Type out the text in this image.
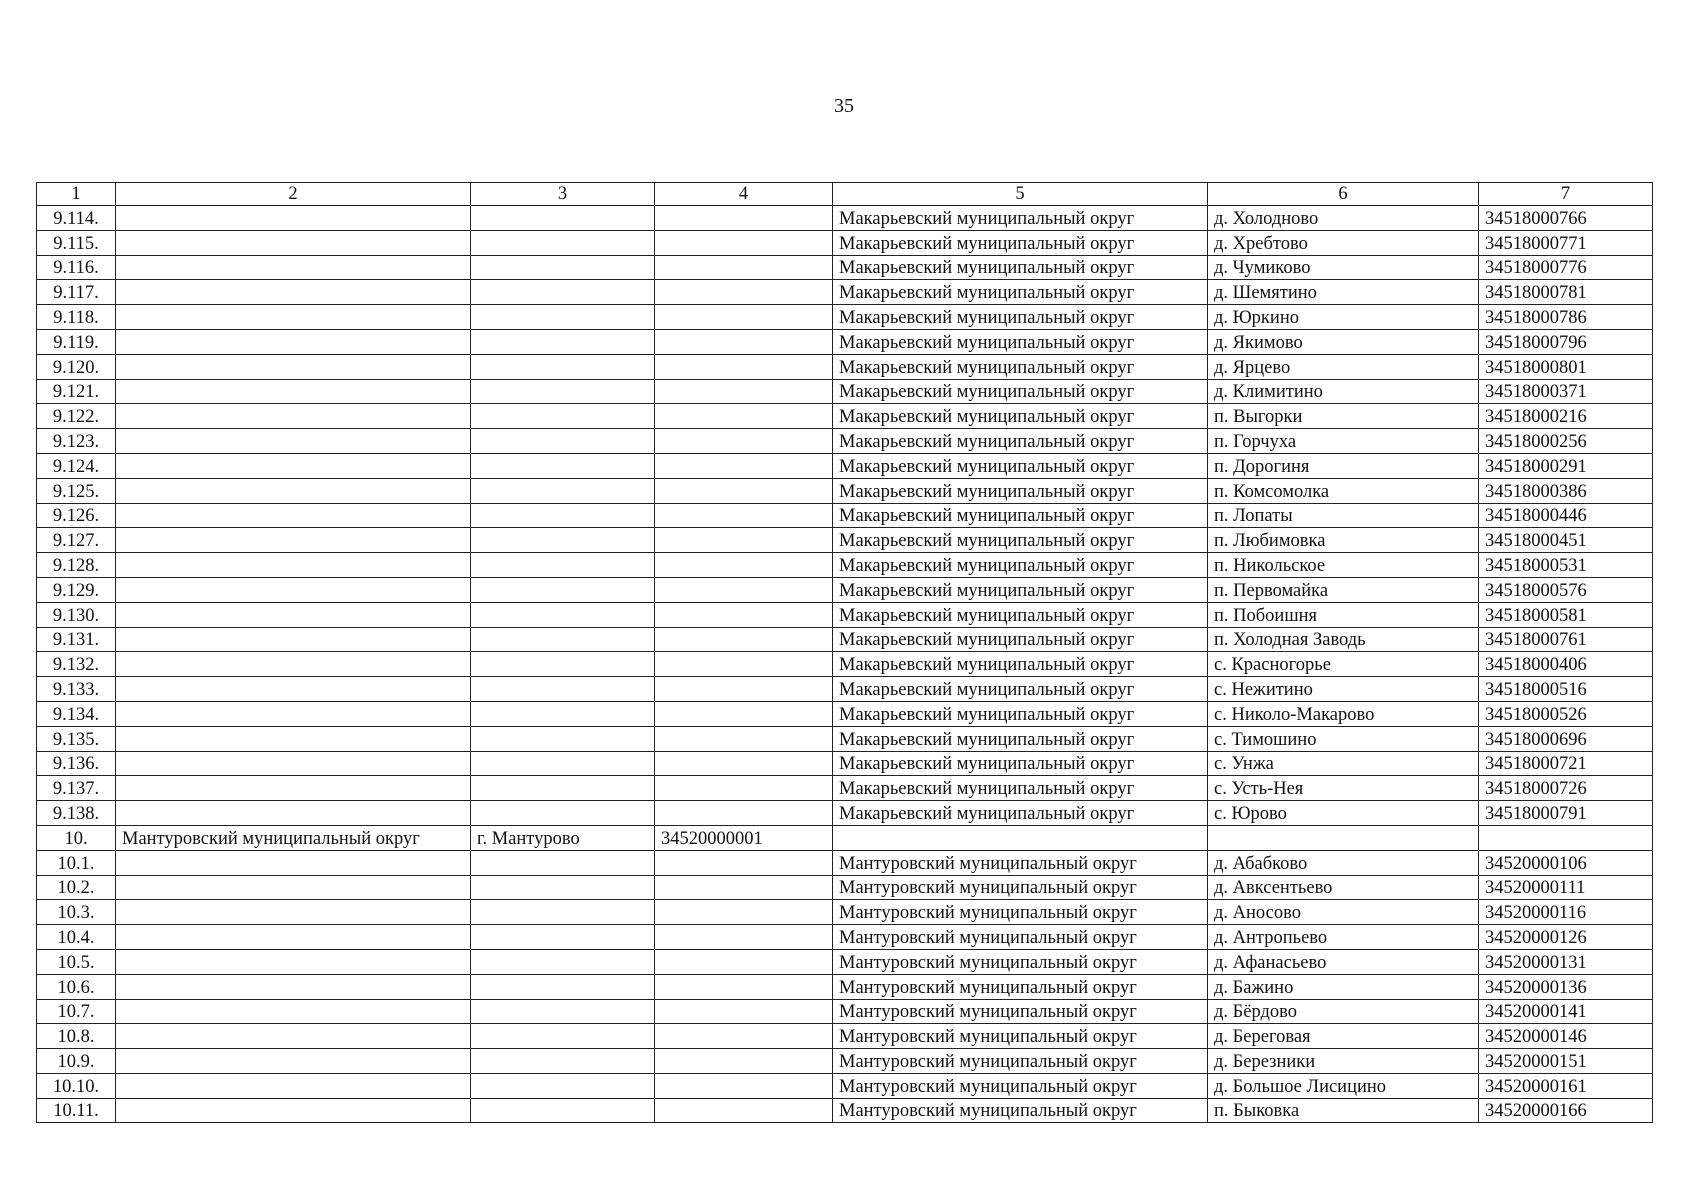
35
1	2	3	4	5	6	7
9.114.				Макарьевский муниципальный округ	д. Холодново	34518000766
9.115.				Макарьевский муниципальный округ	д. Хребтово	34518000771
9.116.				Макарьевский муниципальный округ	д. Чумиково	34518000776
9.117.				Макарьевский муниципальный округ	д. Шемятино	34518000781
9.118.				Макарьевский муниципальный округ	д. Юркино	34518000786
9.119.				Макарьевский муниципальный округ	д. Якимово	34518000796
9.120.				Макарьевский муниципальный округ	д. Ярцево	34518000801
9.121.				Макарьевский муниципальный округ	д. Климитино	34518000371
9.122.				Макарьевский муниципальный округ	п. Выгорки	34518000216
9.123.				Макарьевский муниципальный округ	п. Горчуха	34518000256
9.124.				Макарьевский муниципальный округ	п. Дорогиня	34518000291
9.125.				Макарьевский муниципальный округ	п. Комсомолка	34518000386
9.126.				Макарьевский муниципальный округ	п. Лопаты	34518000446
9.127.				Макарьевский муниципальный округ	п. Любимовка	34518000451
9.128.				Макарьевский муниципальный округ	п. Никольское	34518000531
9.129.				Макарьевский муниципальный округ	п. Первомайка	34518000576
9.130.				Макарьевский муниципальный округ	п. Побоишня	34518000581
9.131.				Макарьевский муниципальный округ	п. Холодная Заводь	34518000761
9.132.				Макарьевский муниципальный округ	с. Красногорье	34518000406
9.133.				Макарьевский муниципальный округ	с. Нежитино	34518000516
9.134.				Макарьевский муниципальный округ	с. Николо-Макарово	34518000526
9.135.				Макарьевский муниципальный округ	с. Тимошино	34518000696
9.136.				Макарьевский муниципальный округ	с. Унжа	34518000721
9.137.				Макарьевский муниципальный округ	с. Усть-Нея	34518000726
9.138.				Макарьевский муниципальный округ	с. Юрово	34518000791
10.	Мантуровский муниципальный округ	г. Мантурово	34520000001			
10.1.				Мантуровский муниципальный округ	д. Абабково	34520000106
10.2.				Мантуровский муниципальный округ	д. Авксентьево	34520000111
10.3.				Мантуровский муниципальный округ	д. Аносово	34520000116
10.4.				Мантуровский муниципальный округ	д. Антропьево	34520000126
10.5.				Мантуровский муниципальный округ	д. Афанасьево	34520000131
10.6.				Мантуровский муниципальный округ	д. Бажино	34520000136
10.7.				Мантуровский муниципальный округ	д. Бёрдово	34520000141
10.8.				Мантуровский муниципальный округ	д. Береговая	34520000146
10.9.				Мантуровский муниципальный округ	д. Березники	34520000151
10.10.				Мантуровский муниципальный округ	д. Большое Лисицино	34520000161
10.11.				Мантуровский муниципальный округ	п. Быковка	34520000166
